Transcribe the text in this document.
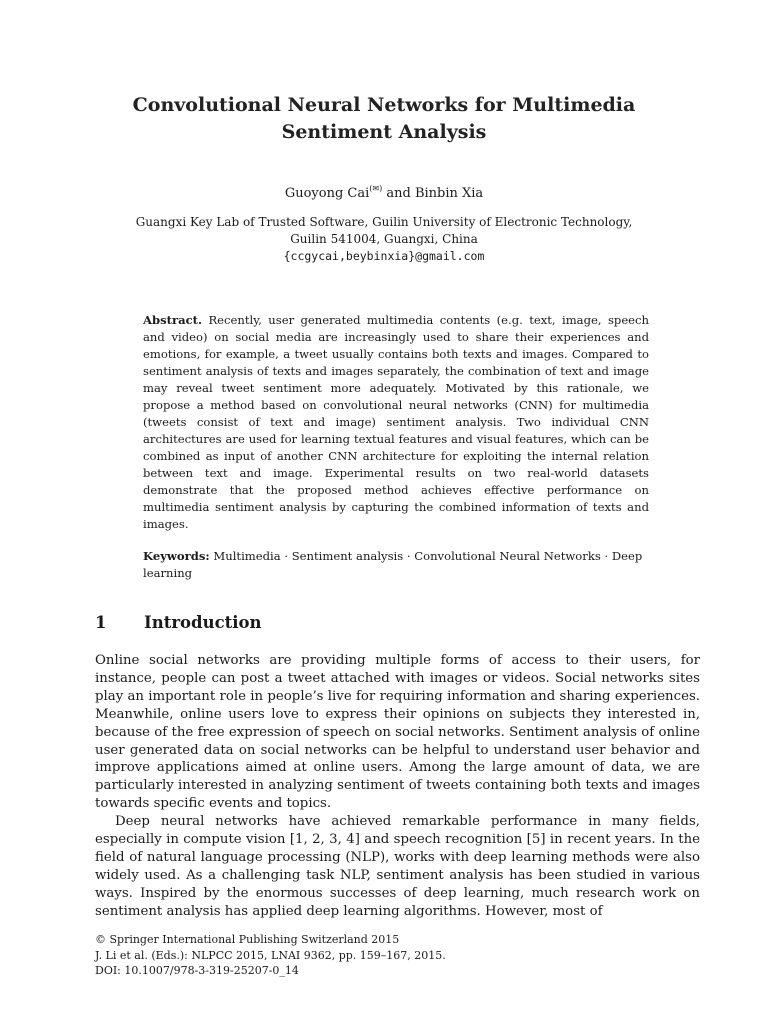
Convolutional Neural Networks for Multimedia
Sentiment Analysis
Guoyong Cai(✉) and Binbin Xia
Guangxi Key Lab of Trusted Software, Guilin University of Electronic Technology,
Guilin 541004, Guangxi, China
{ccgycai,beybinxia}@gmail.com
Abstract. Recently, user generated multimedia contents (e.g. text, image, speech and video) on social media are increasingly used to share their experiences and emotions, for example, a tweet usually contains both texts and images. Compared to sentiment analysis of texts and images separately, the combination of text and image may reveal tweet sentiment more adequately. Motivated by this rationale, we propose a method based on convolutional neural networks (CNN) for multimedia (tweets consist of text and image) sentiment analysis. Two individual CNN architectures are used for learning textual features and visual features, which can be combined as input of another CNN architecture for exploiting the internal relation between text and image. Experimental results on two real-world datasets demonstrate that the proposed method achieves effective performance on multimedia sentiment analysis by capturing the combined information of texts and images.
Keywords: Multimedia · Sentiment analysis · Convolutional Neural Networks · Deep learning
1 Introduction

Online social networks are providing multiple forms of access to their users, for instance, people can post a tweet attached with images or videos. Social networks sites play an important role in people’s live for requiring information and sharing experiences. Meanwhile, online users love to express their opinions on subjects they interested in, because of the free expression of speech on social networks. Sentiment analysis of online user generated data on social networks can be helpful to understand user behavior and improve applications aimed at online users. Among the large amount of data, we are particularly interested in analyzing sentiment of tweets containing both texts and images towards specific events and topics.

Deep neural networks have achieved remarkable performance in many fields, especially in compute vision [1, 2, 3, 4] and speech recognition [5] in recent years. In the field of natural language processing (NLP), works with deep learning methods were also widely used. As a challenging task NLP, sentiment analysis has been studied in various ways. Inspired by the enormous successes of deep learning, much research work on sentiment analysis has applied deep learning algorithms. However, most of

© Springer International Publishing Switzerland 2015
J. Li et al. (Eds.): NLPCC 2015, LNAI 9362, pp. 159–167, 2015.
DOI: 10.1007/978-3-319-25207-0_14
